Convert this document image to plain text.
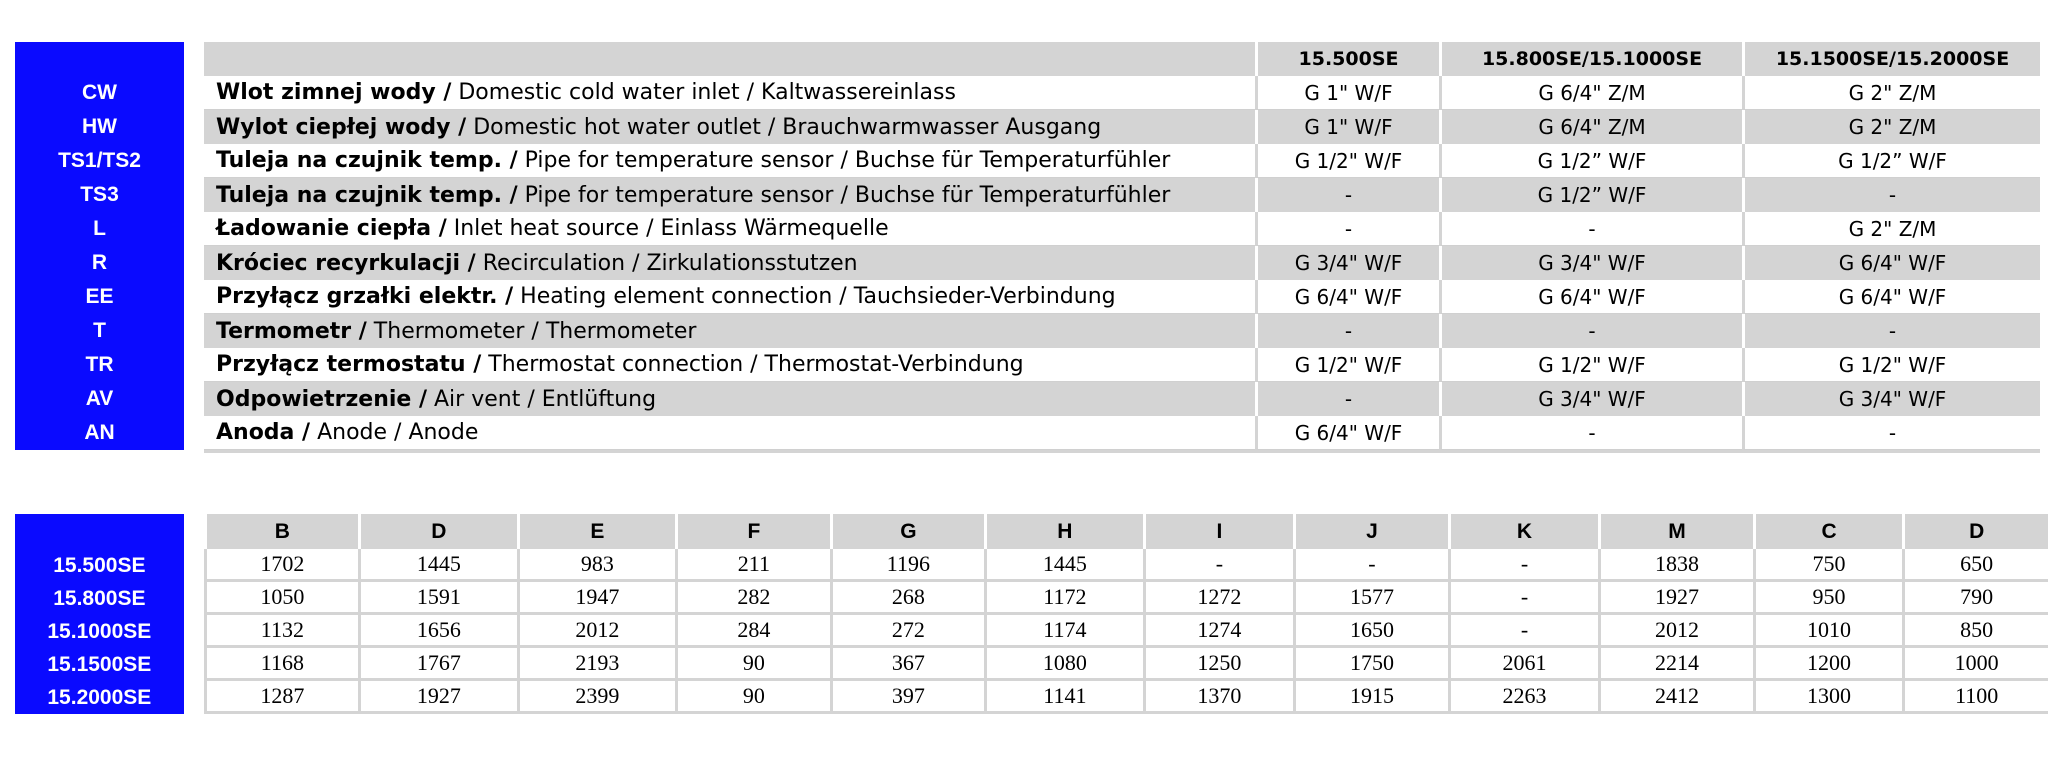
			15.500SE	15.800SE/15.1000SE	15.1500SE/15.2000SE
CW		Wlot zimnej wody / Domestic cold water inlet / Kaltwassereinlass	G 1" W/F	G 6/4" Z/M	G 2" Z/M
HW		Wylot ciepłej wody / Domestic hot water outlet / Brauchwarmwasser Ausgang	G 1" W/F	G 6/4" Z/M	G 2" Z/M
TS1/TS2		Tuleja na czujnik temp. / Pipe for temperature sensor / Buchse für Temperaturfühler	G 1/2" W/F	G 1/2” W/F	G 1/2” W/F
TS3		Tuleja na czujnik temp. / Pipe for temperature sensor / Buchse für Temperaturfühler	-	G 1/2” W/F	-
L		Ładowanie ciepła / Inlet heat source / Einlass Wärmequelle	-	-	G 2" Z/M
R		Króciec recyrkulacji / Recirculation / Zirkulationsstutzen	G 3/4" W/F	G 3/4" W/F	G 6/4" W/F
EE		Przyłącz grzałki elektr. / Heating element connection / Tauchsieder-Verbindung	G 6/4" W/F	G 6/4" W/F	G 6/4" W/F
T		Termometr / Thermometer / Thermometer	-	-	-
TR		Przyłącz termostatu / Thermostat connection / Thermostat-Verbindung	G 1/2" W/F	G 1/2" W/F	G 1/2" W/F
AV		Odpowietrzenie / Air vent / Entlüftung	-	G 3/4" W/F	G 3/4" W/F
AN		Anoda / Anode / Anode	G 6/4" W/F	-	-

		B	D	E	F	G	H	I	J	K	M	C	D
15.500SE		1702	1445	983	211	1196	1445	-	-	-	1838	750	650
15.800SE		1050	1591	1947	282	268	1172	1272	1577	-	1927	950	790
15.1000SE		1132	1656	2012	284	272	1174	1274	1650	-	2012	1010	850
15.1500SE		1168	1767	2193	90	367	1080	1250	1750	2061	2214	1200	1000
15.2000SE		1287	1927	2399	90	397	1141	1370	1915	2263	2412	1300	1100
